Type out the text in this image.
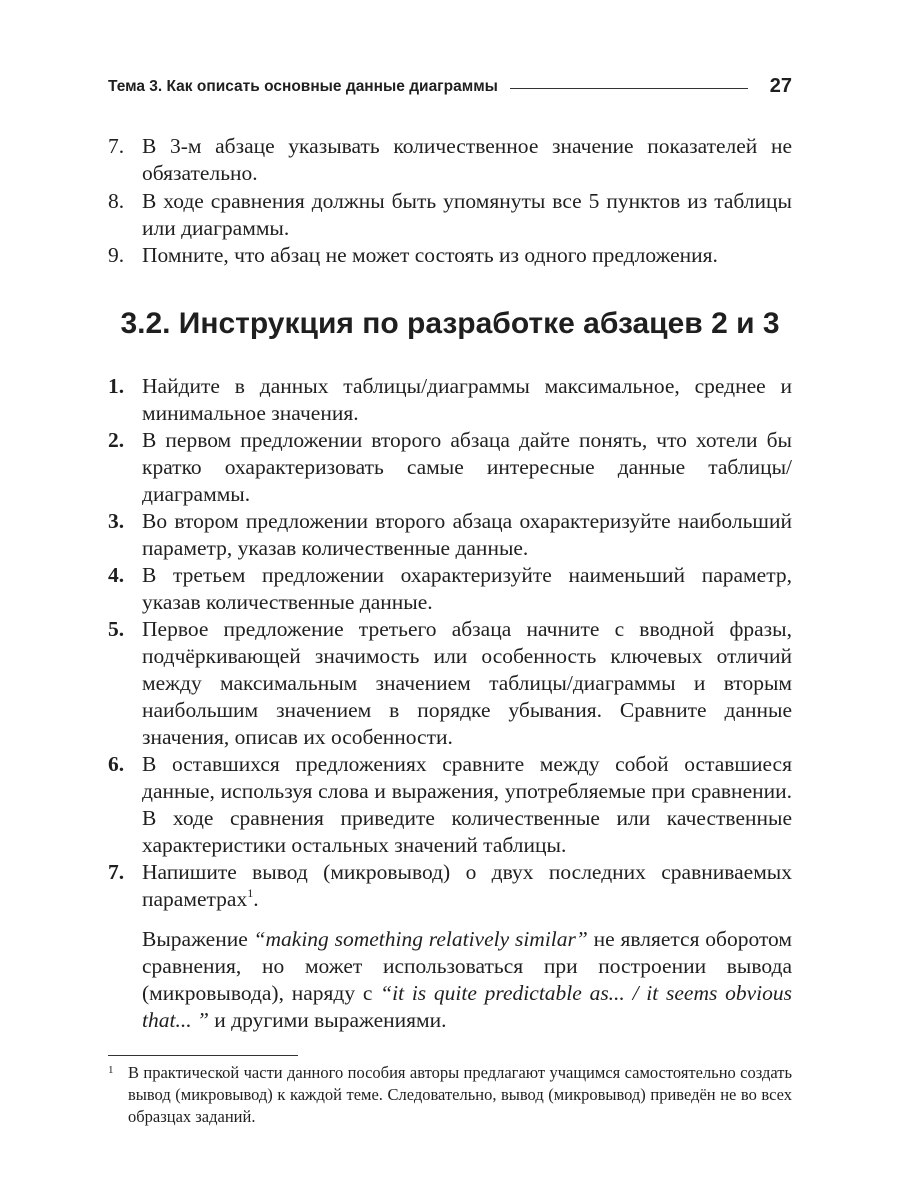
Тема 3. Как описать основные данные диаграммы	27
7. В 3-м абзаце указывать количественное значение показателей не обязательно.
8. В ходе сравнения должны быть упомянуты все 5 пунктов из таблицы или диаграммы.
9. Помните, что абзац не может состоять из одного предложения.
3.2. Инструкция по разработке абзацев 2 и 3
1. Найдите в данных таблицы/диаграммы максимальное, среднее и минимальное значения.
2. В первом предложении второго абзаца дайте понять, что хотели бы кратко охарактеризовать самые интересные данные таблицы/диаграммы.
3. Во втором предложении второго абзаца охарактеризуйте наибольший параметр, указав количественные данные.
4. В третьем предложении охарактеризуйте наименьший параметр, указав количественные данные.
5. Первое предложение третьего абзаца начните с вводной фразы, подчёркивающей значимость или особенность ключевых отличий между максимальным значением таблицы/диаграммы и вторым наибольшим значением в порядке убывания. Сравните данные значения, описав их особенности.
6. В оставшихся предложениях сравните между собой оставшиеся данные, используя слова и выражения, употребляемые при сравнении. В ходе сравнения приведите количественные или качественные характеристики остальных значений таблицы.
7. Напишите вывод (микровывод) о двух последних сравниваемых параметрах$^1$.
Выражение “making something relatively similar” не является оборотом сравнения, но может использоваться при построении вывода (микровывода), наряду с “it is quite predictable as... / it seems obvious that... ” и другими выражениями.
1 В практической части данного пособия авторы предлагают учащимся самостоятельно создать вывод (микровывод) к каждой теме. Следовательно, вывод (микровывод) приведён не во всех образцах заданий.
